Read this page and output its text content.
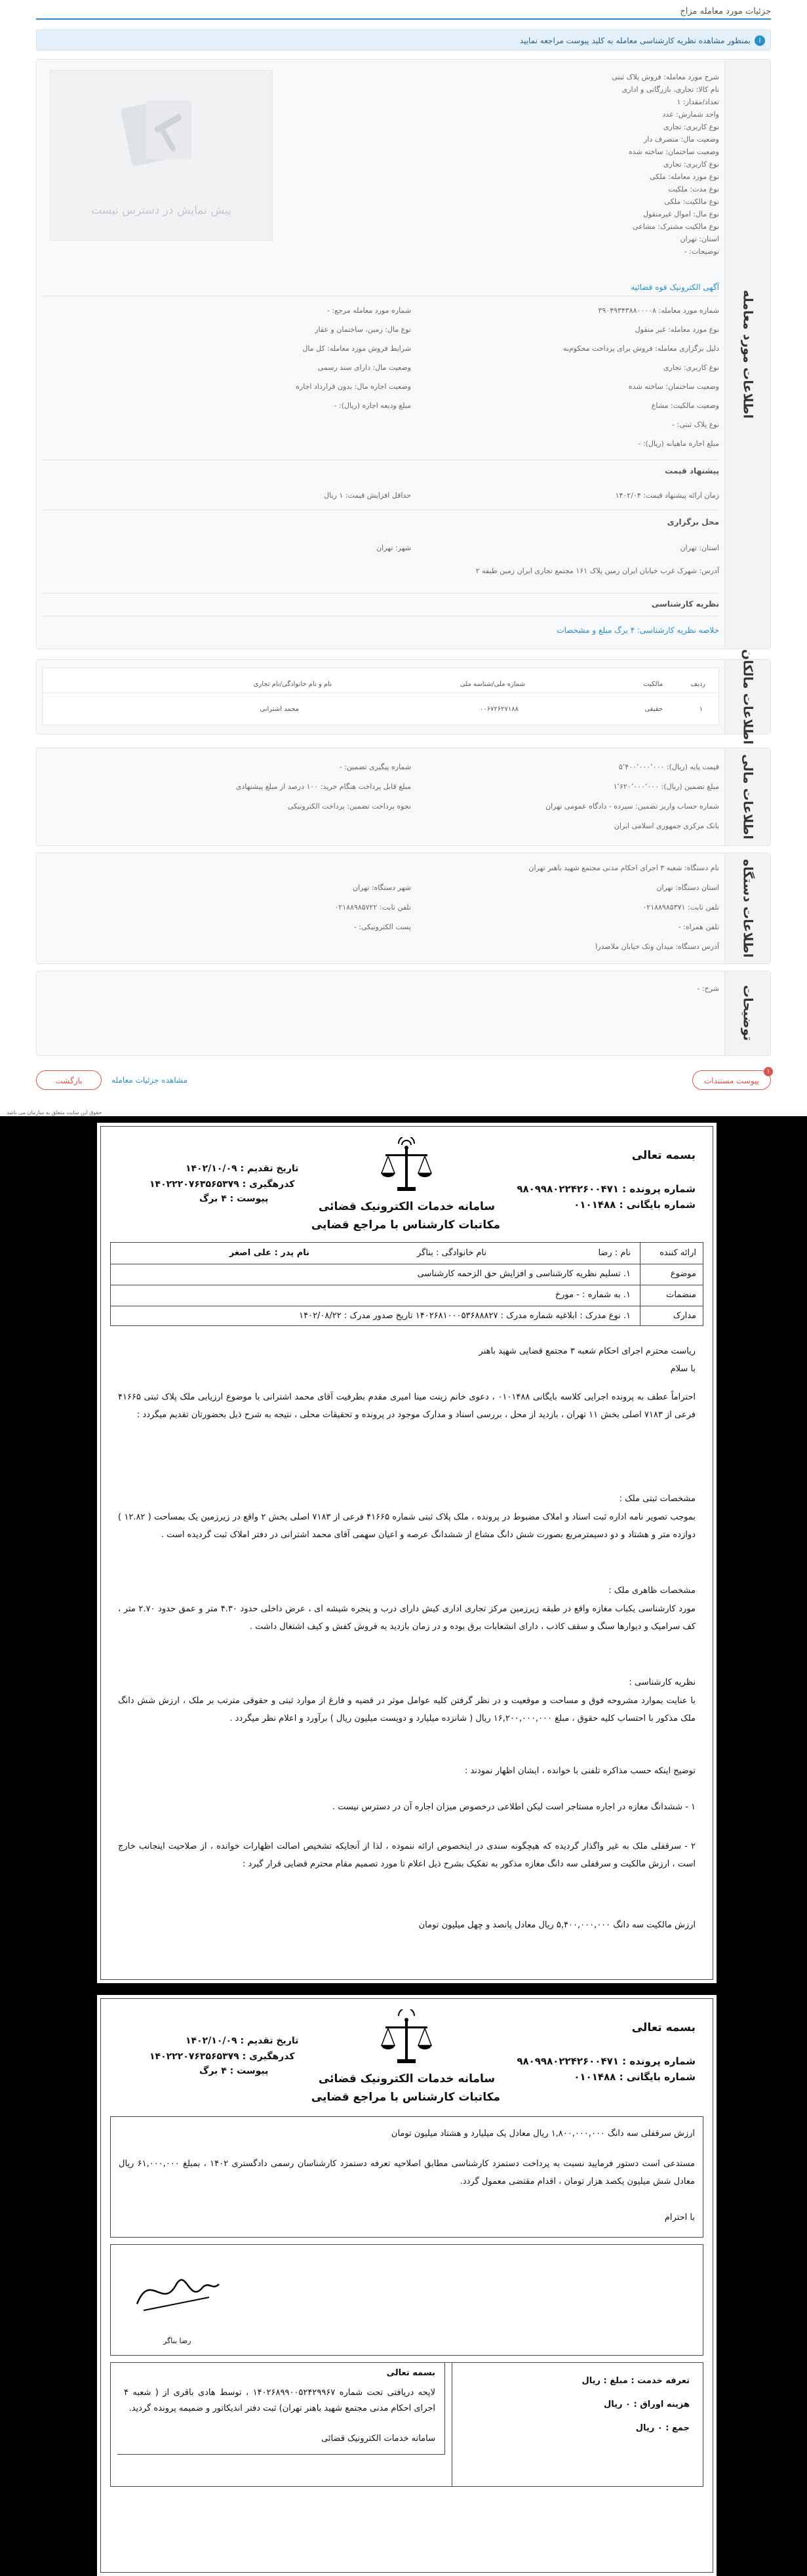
جزئیات مورد معامله مزاج
i
بمنظور مشاهده نظریه کارشناسی معامله به کلید پیوست مراجعه نمایید
اطلاعات مورد معامله
پیش نمایش در دسترس نیست
شرح مورد معامله: فروش پلاک ثبتی
نام کالا: تجاری، بازرگانی و اداری
تعداد/مقدار: ۱
واحد شمارش: عدد
نوع کاربری: تجاری
وضعیت مال: متصرف دار
وضعیت ساختمان: ساخته شده
نوع کاربری: تجاری
نوع مورد معامله: ملکی
نوع مدت: ملکیت
نوع مالکیت: ملکی
نوع مال: اموال غیرمنقول
نوع مالکیت مشترک: مشاعی
استان: تهران
توضیحات: -
آگهی الکترونیک قوه قضائیه
شماره مورد معامله: ۳۹۰۴۹۳۴۳۸۸۰۰۰۰۸
شماره مورد معامله مرجع: -
نوع مورد معامله: غیر منقول
نوع مال: زمین، ساختمان و عقار
دلیل برگزاری معامله: فروش برای پرداخت محکوم‌به
شرایط فروش مورد معامله: کل مال
نوع کاربری: تجاری
وضعیت مال: دارای سند رسمی
وضعیت ساختمان: ساخته شده
وضعیت اجاره مال: بدون قرارداد اجاره
وضعیت مالکیت: مشاع
مبلغ ودیعه اجاره (ریال): -
نوع پلاک ثبتی: -
مبلغ اجاره ماهیانه (ریال): -
پیشنهاد قیمت
زمان ارائه پیشنهاد قیمت: ۱۴۰۲/۰۴
حداقل افزایش قیمت: ۱ ریال
محل برگزاری
استان: تهران
شهر: تهران
آدرس: شهرک غرب خیابان ایران زمین پلاک ۱۶۱ مجتمع تجاری ایران زمین طبقه ۲
نظریه کارشناسی
خلاصه نظریه کارشناسی: ۴ برگ مبلغ و مشخصات
اطلاعات مالکان
ردیف
مالکیت
شماره ملی/شناسه ملی
نام و نام خانوادگی/نام تجاری
۱
حقیقی
۰۰۶۷۲۶۲۷۱۸۸
محمد اشترانی
اطلاعات مالی
قیمت پایه (ریال): ۵٬۴۰۰٬۰۰۰٬۰۰۰
شماره پیگیری تضمین: -
مبلغ تضمین (ریال): ۱٬۶۲۰٬۰۰۰٬۰۰۰
مبلغ قابل پرداخت هنگام خرید: ۱۰۰ درصد از مبلغ پیشنهادی
شماره حساب واریز تضمین: سپرده - دادگاه عمومی تهران
نحوه پرداخت تضمین: پرداخت الکترونیکی
بانک مرکزی جمهوری اسلامی ایران
اطلاعات دستگاه
نام دستگاه: شعبه ۳ اجرای احکام مدنی مجتمع شهید باهنر تهران
استان دستگاه: تهران
شهر دستگاه: تهران
تلفن ثابت: ۰۲۱۸۸۹۸۵۳۷۱
تلفن ثابت: ۰۲۱۸۸۹۸۵۷۲۲
تلفن همراه: -
پست الکترونیکی: -
آدرس دستگاه: میدان ونک خیابان ملاصدرا
توضیحات
شرح: -
پیوست مستندات
۱
بازگشت	مشاهده جزئیات معامله
حقوق این سایت متعلق به سازمان می باشد
بسمه تعالی
شماره پرونده : ۹۸۰۹۹۸۰۲۲۴۲۶۰۰۴۷۱
شماره بایگانی : ۰۱۰۱۴۸۸
سامانه خدمات الکترونیک قضائی
مکاتبات کارشناس با مراجع قضایی
تاریخ تقدیم : ۱۴۰۲/۱۰/۰۹
کدرهگیری : ۱۴۰۲۲۲۰۷۶۳۵۶۵۳۷۹
پیوست : ۴ برگ
ارائه کننده
موضوع
منضمات
مدارک
نام : رضا
نام خانوادگی : بناگر
نام پدر : علی اصغر
۱. تسلیم نظریه کارشناسی و افزایش حق الزحمه کارشناسی
۱. به شماره : - مورخ
۱. نوع مدرک : ابلاغیه شماره مدرک : ۱۴۰۲۶۸۱۰۰۰۵۳۶۸۸۸۲۷ تاریخ صدور مدرک : ۱۴۰۲/۰۸/۲۲
ریاست محترم اجرای احکام شعبه ۳ مجتمع قضایی شهید باهنر
با سلام
احتراماً عطف به پرونده اجرایی کلاسه بایگانی ۰۱۰۱۴۸۸ ، دعوی خانم زینت مینا امیری مقدم بطرفیت آقای محمد اشترانی با موضوع ارزیابی ملک پلاک ثبتی ۴۱۶۶۵ فرعی از ۷۱۸۳ اصلی بخش ۱۱ تهران ، بازدید از محل ، بررسی اسناد و مدارک موجود در پرونده و تحقیقات محلی ، نتیجه به شرح ذیل بحضورتان تقدیم میگردد :
مشخصات ثبتی ملک :
بموجب تصویر نامه اداره ثبت اسناد و املاک مضبوط در پرونده ، ملک پلاک ثبتی شماره ۴۱۶۶۵ فرعی از ۷۱۸۳ اصلی بخش ۲ واقع در زیرزمین یک بمساحت ( ۱۲.۸۲ ) دوازده متر و هشتاد و دو دسیمترمربع بصورت شش دانگ مشاع از ششدانگ عرصه و اعیان سهمی آقای محمد اشترانی در دفتر املاک ثبت گردیده است .
مشخصات ظاهری ملک :
مورد کارشناسی یکباب مغازه واقع در طبقه زیرزمین مرکز تجاری اداری کیش دارای درب و پنجره شیشه ای ، عرض داخلی حدود ۴.۳۰ متر و عمق حدود ۲.۷۰ متر ، کف سرامیک و دیوارها سنگ و سقف کاذب ، دارای انشعابات برق بوده و در زمان بازدید به فروش کفش و کیف اشتغال داشت .
نظریه کارشناسی :
با عنایت بموارد مشروحه فوق و مساحت و موقعیت و در نظر گرفتن کلیه عوامل موثر در قضیه و فارغ از موارد ثبتی و حقوقی مترتب بر ملک ، ارزش شش دانگ ملک مذکور با احتساب کلیه حقوق ، مبلغ ۱۶,۲۰۰,۰۰۰,۰۰۰ ریال ( شانزده میلیارد و دویست میلیون ریال ) برآورد و اعلام نظر میگردد .
توضیح اینکه حسب مذاکره تلفنی با خوانده ، ایشان اظهار نمودند :
۱ - ششدانگ مغازه در اجاره مستاجر است لیکن اطلاعی درخصوص میزان اجاره آن در دسترس نیست .
۲ - سرقفلی ملک به غیر واگذار گردیده که هیچگونه سندی در اینخصوص ارائه ننموده ، لذا از آنجایکه تشخیص اصالت اظهارات خوانده ، از صلاحیت اینجانب خارج است ، ارزش مالکیت و سرقفلی سه دانگ مغازه مذکور به تفکیک بشرح ذیل اعلام تا مورد تصمیم مقام محترم قضایی قرار گیرد :
ارزش مالکیت سه دانگ ۵,۴۰۰,۰۰۰,۰۰۰ ریال معادل پانصد و چهل میلیون تومان
بسمه تعالی
شماره پرونده : ۹۸۰۹۹۸۰۲۲۴۲۶۰۰۴۷۱
شماره بایگانی : ۰۱۰۱۴۸۸
سامانه خدمات الکترونیک قضائی
مکاتبات کارشناس با مراجع قضایی
تاریخ تقدیم : ۱۴۰۲/۱۰/۰۹
کدرهگیری : ۱۴۰۲۲۲۰۷۶۳۵۶۵۳۷۹
پیوست : ۴ برگ
ارزش سرقفلی سه دانگ ۱,۸۰۰,۰۰۰,۰۰۰ ریال معادل یک میلیارد و هشتاد میلیون تومان
مستدعی است دستور فرمایید نسبت به پرداخت دستمزد کارشناسی مطابق اصلاحیه تعرفه دستمزد کارشناسان رسمی دادگستری ۱۴۰۲ ، بمبلغ ۶۱,۰۰۰,۰۰۰ ریال معادل شش میلیون یکصد هزار تومان ، اقدام مقتضی معمول گردد.
با احترام
رضا بناگر
تعرفه خدمت : مبلغ : ریال
هزینه اوراق : ۰ ریال
جمع : ۰ ریال
بسمه تعالی
لایحه دریافتی تحت شماره ۱۴۰۲۶۸۹۹۰۰۵۲۴۲۹۹۶۷ ، توسط هادی باقری از ( شعبه ۴ اجرای احکام مدنی مجتمع شهید باهنر تهران) ثبت دفتر اندیکاتور و ضمیمه پرونده گردید.
سامانه خدمات الکترونیک قضائی
